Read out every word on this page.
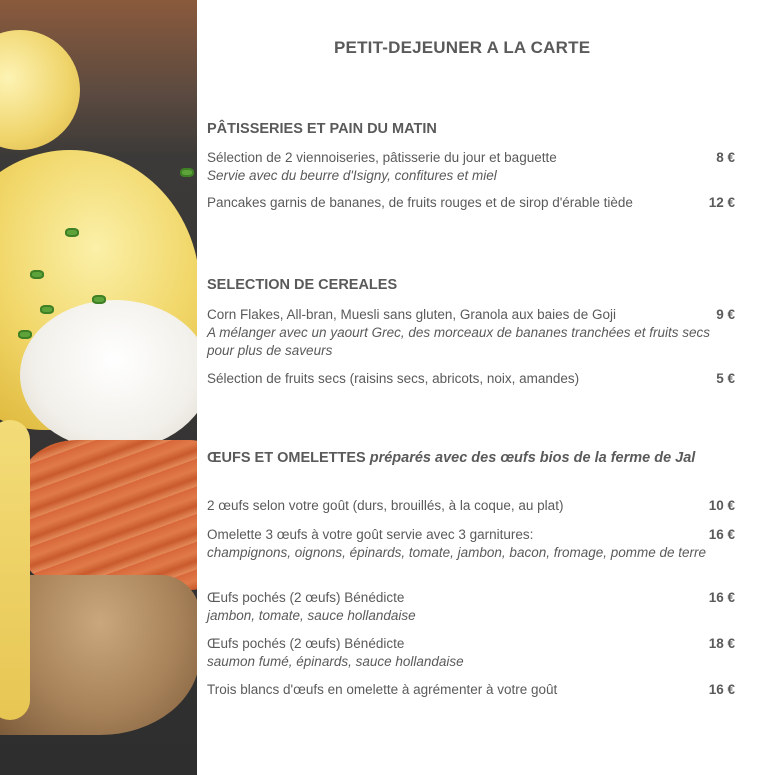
PETIT-DEJEUNER A LA CARTE
PÂTISSERIES ET PAIN DU MATIN
Sélection de 2 viennoiseries, pâtisserie du jour et baguette	8 €
Servie avec du beurre d'Isigny, confitures et miel
Pancakes garnis de bananes, de fruits rouges et de sirop d'érable tiède	12 €
SELECTION DE CEREALES
Corn Flakes, All-bran, Muesli sans gluten, Granola aux baies de Goji	9 €
A mélanger avec un yaourt Grec, des morceaux de bananes tranchées et fruits secs pour plus de saveurs
Sélection de fruits secs (raisins secs, abricots, noix, amandes)	5 €
ŒUFS ET OMELETTES préparés avec des œufs bios de la ferme de Jal
2 œufs selon votre goût (durs, brouillés, à la coque, au plat)	10 €
Omelette 3 œufs à votre goût servie avec 3 garnitures:	16 €
champignons, oignons, épinards, tomate, jambon, bacon, fromage, pomme de terre
Œufs pochés (2 œufs) Bénédicte	16 €
jambon, tomate, sauce hollandaise
Œufs pochés (2 œufs) Bénédicte	18 €
saumon fumé, épinards, sauce hollandaise
Trois blancs d'œufs en omelette à agrémenter à votre goût	16 €
